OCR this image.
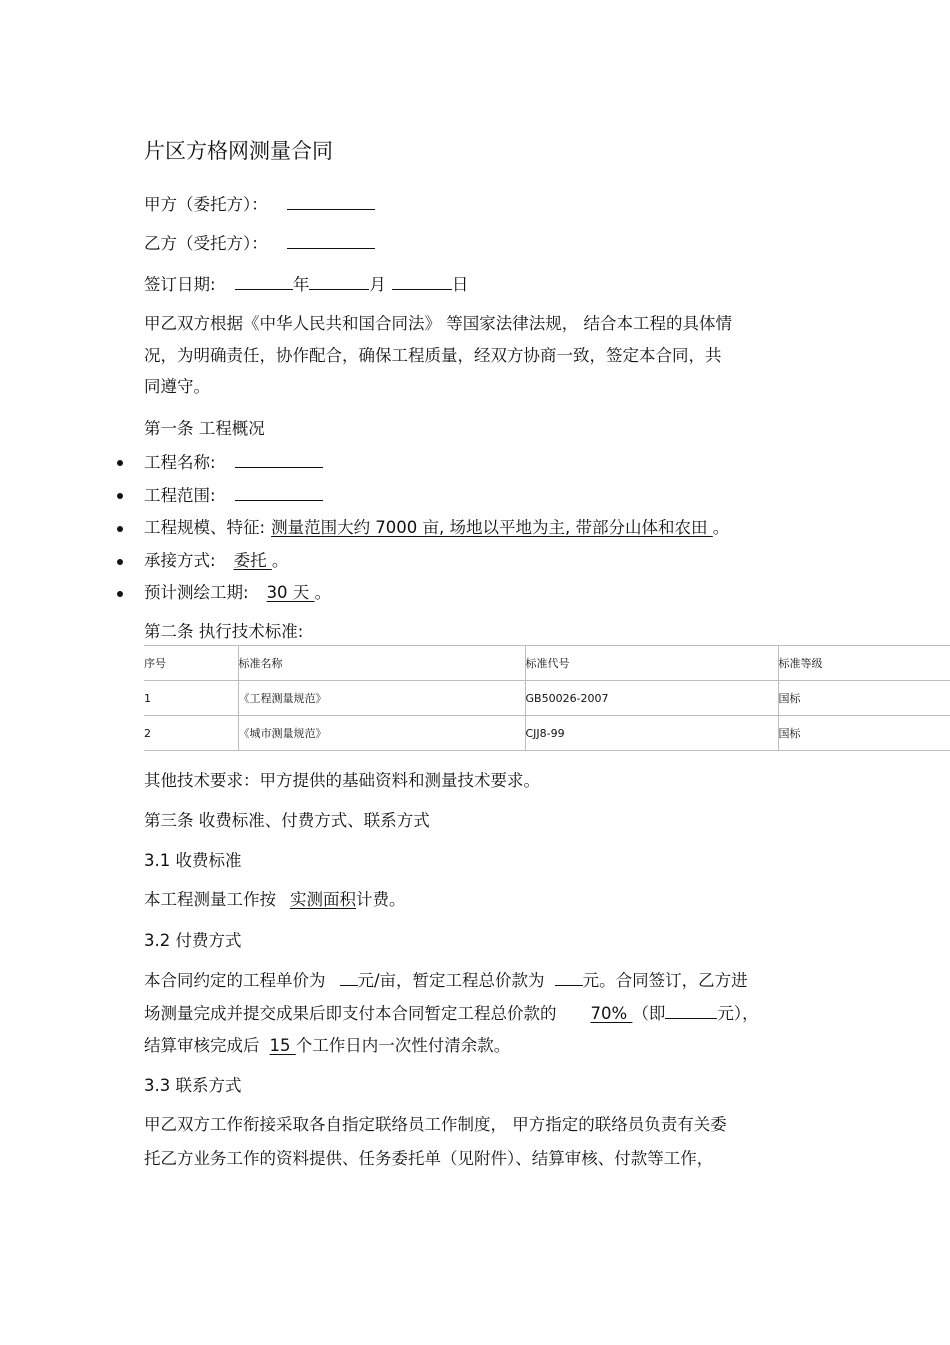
片区方格网测量合同
甲方（委托方）：
乙方（受托方）：
签订日期:	年	月	日
甲乙双方根据《中华人民共和国合同法》 等国家法律法规， 结合本工程的具体情
况，为明确责任，协作配合，确保工程质量，经双方协商一致，签定本合同，共
同遵守。
第一条 工程概况
工程名称:
工程范围:
工程规模、特征: 测量范围大约 7000 亩, 场地以平地为主, 带部分山体和农田 。
承接方式: 委托 。
预计测绘工期: 30 天 。
第二条 执行技术标准:
序号	标准名称	标准代号	标准等级
1	《工程测量规范》	GB50026-2007	国标
2	《城市测量规范》	CJJ8-99	国标
其他技术要求：甲方提供的基础资料和测量技术要求。
第三条 收费标准、付费方式、联系方式
3.1 收费标准
本工程测量工作按 实测面积计费。
3.2 付费方式
本合同约定的工程单价为 元/亩，暂定工程总价款为 元。合同签订，乙方进
场测量完成并提交成果后即支付本合同暂定工程总价款的 70% （即	元），
结算审核完成后 15 个工作日内一次性付清余款。
3.3 联系方式
甲乙双方工作衔接采取各自指定联络员工作制度， 甲方指定的联络员负责有关委
托乙方业务工作的资料提供、任务委托单（见附件）、结算审核、付款等工作，
